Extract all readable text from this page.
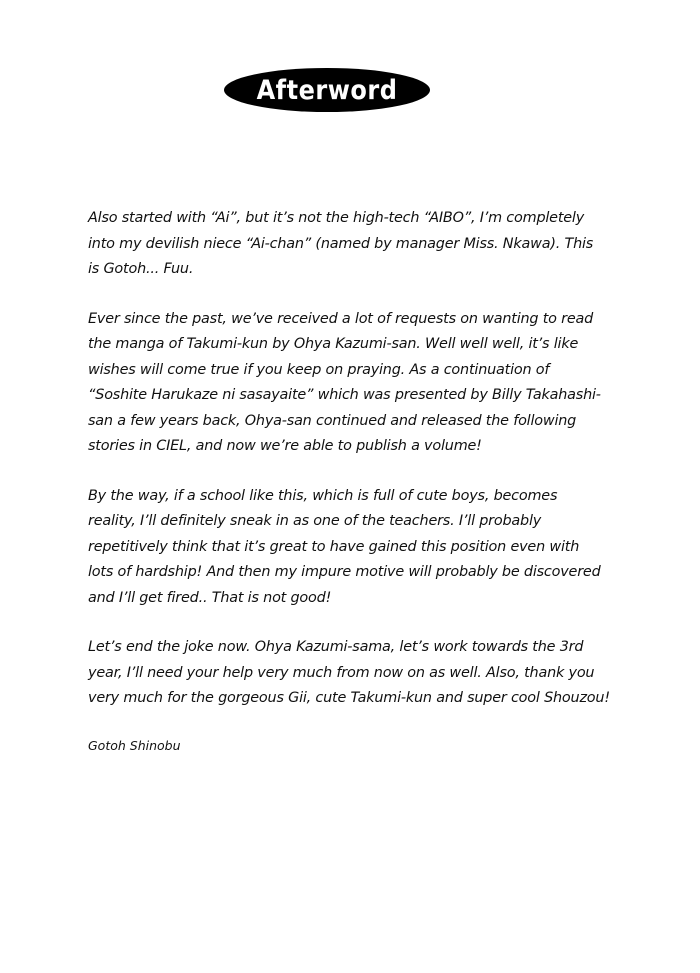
Afterword
Also started with “Ai”, but it’s not the high-tech “AIBO”, I’m completely
into my devilish niece “Ai-chan” (named by manager Miss. Nkawa). This
is Gotoh... Fuu.
Ever since the past, we’ve received a lot of requests on wanting to read
the manga of Takumi-kun by Ohya Kazumi-san. Well well well, it’s like
wishes will come true if you keep on praying. As a continuation of
“Soshite Harukaze ni sasayaite” which was presented by Billy Takahashi-
san a few years back, Ohya-san continued and released the following
stories in CIEL, and now we’re able to publish a volume!
By the way, if a school like this, which is full of cute boys, becomes
reality, I’ll definitely sneak in as one of the teachers. I’ll probably
repetitively think that it’s great to have gained this position even with
lots of hardship! And then my impure motive will probably be discovered
and I’ll get fired.. That is not good!
Let’s end the joke now. Ohya Kazumi-sama, let’s work towards the 3rd
year, I’ll need your help very much from now on as well. Also, thank you
very much for the gorgeous Gii, cute Takumi-kun and super cool Shouzou!
Gotoh Shinobu
